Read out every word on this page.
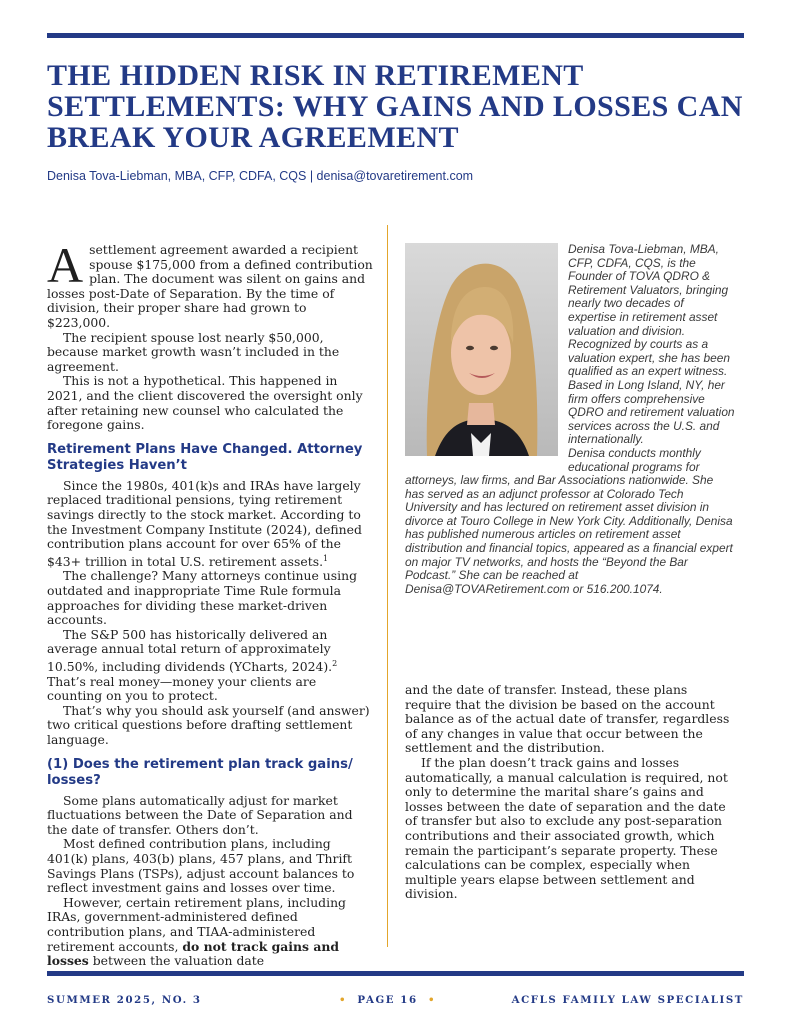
THE HIDDEN RISK IN RETIREMENT SETTLEMENTS: WHY GAINS AND LOSSES CAN BREAK YOUR AGREEMENT
Denisa Tova-Liebman, MBA, CFP, CDFA, CQS | denisa@tovaretirement.com

Asettlement agreement awarded a recipient spouse $175,000 from a defined contribution plan. The document was silent on gains and losses post-Date of Separation. By the time of division, their proper share had grown to $223,000.

The recipient spouse lost nearly $50,000, because market growth wasn’t included in the agreement.

This is not a hypothetical. This happened in 2021, and the client discovered the oversight only after retaining new counsel who calculated the foregone gains.

Retirement Plans Have Changed. Attorney Strategies Haven’t

Since the 1980s, 401(k)s and IRAs have largely replaced traditional pensions, tying retirement savings directly to the stock market. According to the Investment Company Institute (2024), defined contribution plans account for over 65% of the $43+ trillion in total U.S. retirement assets.$^1$

The challenge? Many attorneys continue using outdated and inappropriate Time Rule formula approaches for dividing these market-driven accounts.

The S&P 500 has historically delivered an average annual total return of approximately 10.50%, including dividends (YCharts, 2024).$^2$ That’s real money—money your clients are counting on you to protect.

That’s why you should ask yourself (and answer) two critical questions before drafting settlement language.

(1) Does the retirement plan track gains/ losses?

Some plans automatically adjust for market fluctuations between the Date of Separation and the date of transfer. Others don’t.

Most defined contribution plans, including 401(k) plans, 403(b) plans, 457 plans, and Thrift Savings Plans (TSPs), adjust account balances to reflect investment gains and losses over time.

However, certain retirement plans, including IRAs, government-administered defined contribution plans, and TIAA-administered retirement accounts, do not track gains and losses between the valuation date

Denisa Tova-Liebman, MBA, CFP, CDFA, CQS, is the Founder of TOVA QDRO & Retirement Valuators, bringing nearly two decades of expertise in retirement asset valuation and division. Recognized by courts as a valuation expert, she has been qualified as an expert witness. Based in Long Island, NY, her firm offers comprehensive QDRO and retirement valuation services across the U.S. and internationally.

Denisa conducts monthly educational programs for attorneys, law firms, and Bar Associations nationwide. She has served as an adjunct professor at Colorado Tech University and has lectured on retirement asset division in divorce at Touro College in New York City. Additionally, Denisa has published numerous articles on retirement asset distribution and financial topics, appeared as a financial expert on major TV networks, and hosts the “Beyond the Bar Podcast.” She can be reached at Denisa@TOVARetirement.com or 516.200.1074.

and the date of transfer. Instead, these plans require that the division be based on the account balance as of the actual date of transfer, regardless of any changes in value that occur between the settlement and the distribution.

If the plan doesn’t track gains and losses automatically, a manual calculation is required, not only to determine the marital share’s gains and losses between the date of separation and the date of transfer but also to exclude any post-separation contributions and their associated growth, which remain the participant’s separate property. These calculations can be complex, especially when multiple years elapse between settlement and division.

SUMMER 2025, NO. 3	• PAGE 16 •	ACFLS FAMILY LAW SPECIALIST
